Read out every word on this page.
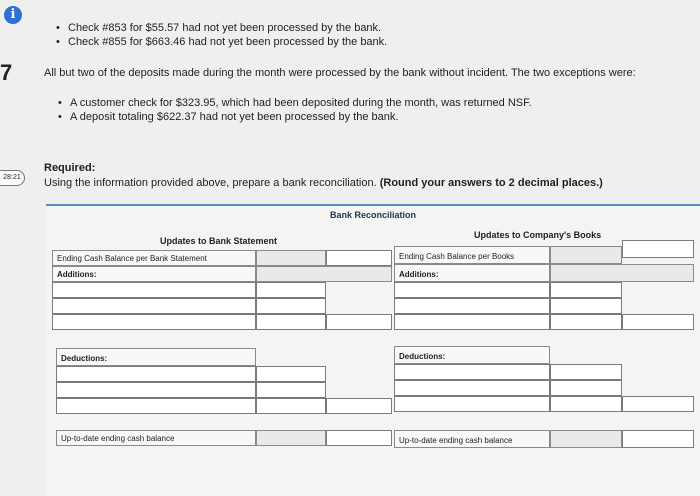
i
7
28:21
• Check #853 for $55.57 had not yet been processed by the bank.
• Check #855 for $663.46 had not yet been processed by the bank.
All but two of the deposits made during the month were processed by the bank without incident. The two exceptions were:
• A customer check for $323.95, which had been deposited during the month, was returned NSF.
• A deposit totaling $622.37 had not yet been processed by the bank.
Required:
Using the information provided above, prepare a bank reconciliation. (Round your answers to 2 decimal places.)
Bank Reconciliation
Updates to Bank Statement
Updates to Company's Books
Ending Cash Balance per Bank Statement
Additions:
Deductions:
Up-to-date ending cash balance
Ending Cash Balance per Books
Additions:
Deductions:
Up-to-date ending cash balance
